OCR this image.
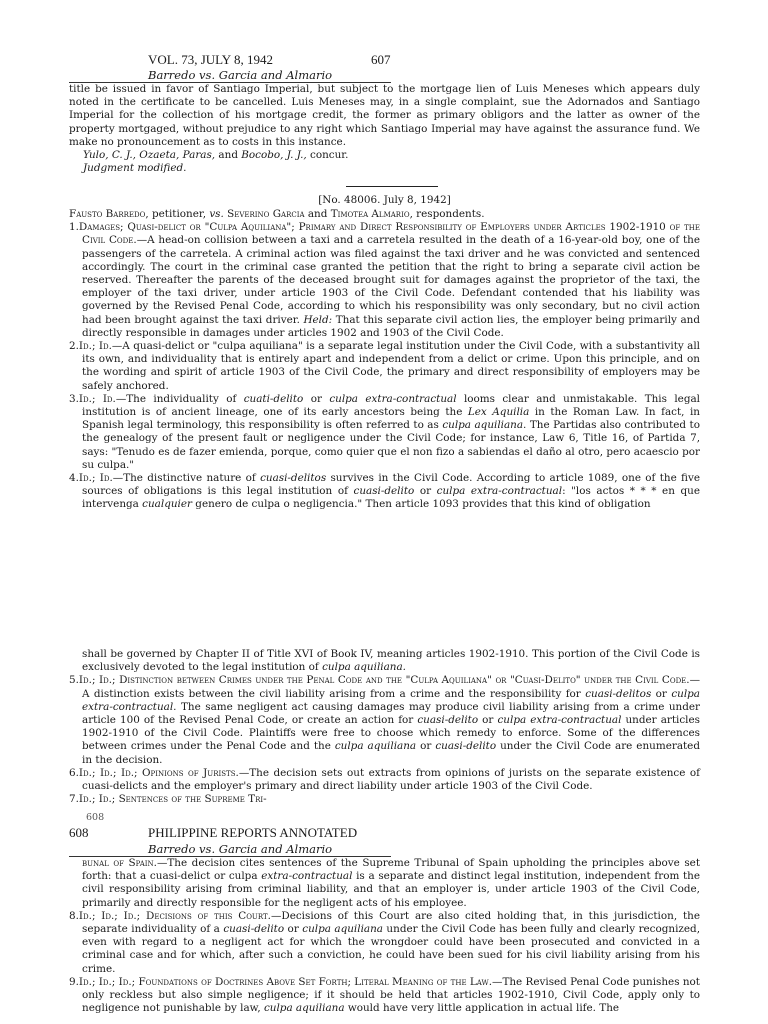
VOL. 73, JULY 8, 1942	607
Barredo vs. Garcia and Almario

title be issued in favor of Santiago Imperial, but subject to the mortgage lien of Luis Meneses which appears duly noted in the certificate to be cancelled. Luis Meneses may, in a single complaint, sue the Adornados and Santiago Imperial for the collection of his mortgage credit, the former as primary obligors and the latter as owner of the property mortgaged, without prejudice to any right which Santiago Imperial may have against the assurance fund. We make no pronouncement as to costs in this instance.

Yulo, C. J., Ozaeta, Paras, and Bocobo, J. J., concur.

Judgment modified.

[No. 48006. July 8, 1942]

Fausto Barredo, petitioner, vs. Severino Garcia and Timotea Almario, respondents.

1.Damages; Quasi-delict or "Culpa Aquiliana"; Primary and Direct Responsibility of Employers under Articles 1902-1910 of the Civil Code.—A head-on collision between a taxi and a carretela resulted in the death of a 16-year-old boy, one of the passengers of the carretela. A criminal action was filed against the taxi driver and he was convicted and sentenced accordingly. The court in the criminal case granted the petition that the right to bring a separate civil action be reserved. Thereafter the parents of the deceased brought suit for damages against the proprietor of the taxi, the employer of the taxi driver, under article 1903 of the Civil Code. Defendant contended that his liability was governed by the Revised Penal Code, according to which his responsibility was only secondary, but no civil action had been brought against the taxi driver. Held: That this separate civil action lies, the employer being primarily and directly responsible in damages under articles 1902 and 1903 of the Civil Code.

2.Id.; Id.—A quasi-delict or "culpa aquiliana" is a separate legal institution under the Civil Code, with a substantivity all its own, and individuality that is entirely apart and independent from a delict or crime. Upon this principle, and on the wording and spirit of article 1903 of the Civil Code, the primary and direct responsibility of employers may be safely anchored.

3.Id.; Id.—The individuality of cuati-delito or culpa extra-contractual looms clear and unmistakable. This legal institution is of ancient lineage, one of its early ancestors being the Lex Aquilia in the Roman Law. In fact, in Spanish legal terminology, this responsibility is often referred to as culpa aquiliana. The Partidas also contributed to the genealogy of the present fault or negligence under the Civil Code; for instance, Law 6, Title 16, of Partida 7, says: "Tenudo es de fazer emienda, porque, como quier que el non fizo a sabiendas el daño al otro, pero acaescio por su culpa."

4.Id.; Id.—The distinctive nature of cuasi-delitos survives in the Civil Code. According to article 1089, one of the five sources of obligations is this legal institution of cuasi-delito or culpa extra-contractual: "los actos * * * en que intervenga cualquier genero de culpa o negligencia." Then article 1093 provides that this kind of obligation

shall be governed by Chapter II of Title XVI of Book IV, meaning articles 1902-1910. This portion of the Civil Code is exclusively devoted to the legal institution of culpa aquiliana.

5.Id.; Id.; Distinction between Crimes under the Penal Code and the "Culpa Aquiliana" or "Cuasi-Delito" under the Civil Code.—A distinction exists between the civil liability arising from a crime and the responsibility for cuasi-delitos or culpa extra-contractual. The same negligent act causing damages may produce civil liability arising from a crime under article 100 of the Revised Penal Code, or create an action for cuasi-delito or culpa extra-contractual under articles 1902-1910 of the Civil Code. Plaintiffs were free to choose which remedy to enforce. Some of the differences between crimes under the Penal Code and the culpa aquiliana or cuasi-delito under the Civil Code are enumerated in the decision.

6.Id.; Id.; Id.; Opinions of Jurists.—The decision sets out extracts from opinions of jurists on the separate existence of cuasi-delicts and the employer's primary and direct liability under article 1903 of the Civil Code.

7.Id.; Id.; Sentences of the Supreme Tri-

608
608	PHILIPPINE REPORTS ANNOTATED
Barredo vs. Garcia and Almario

bunal of Spain.—The decision cites sentences of the Supreme Tribunal of Spain upholding the principles above set forth: that a cuasi-delict or culpa extra-contractual is a separate and distinct legal institution, independent from the civil responsibility arising from criminal liability, and that an employer is, under article 1903 of the Civil Code, primarily and directly responsible for the negligent acts of his employee.

8.Id.; Id.; Id.; Decisions of this Court.—Decisions of this Court are also cited holding that, in this jurisdiction, the separate individuality of a cuasi-delito or culpa aquiliana under the Civil Code has been fully and clearly recognized, even with regard to a negligent act for which the wrongdoer could have been prosecuted and convicted in a criminal case and for which, after such a conviction, he could have been sued for his civil liability arising from his crime.

9.Id.; Id.; Id.; Foundations of Doctrines Above Set Forth; Literal Meaning of the Law.—The Revised Penal Code punishes not only reckless but also simple negligence; if it should be held that articles 1902-1910, Civil Code, apply only to negligence not punishable by law, culpa aquiliana would have very little application in actual life. The
